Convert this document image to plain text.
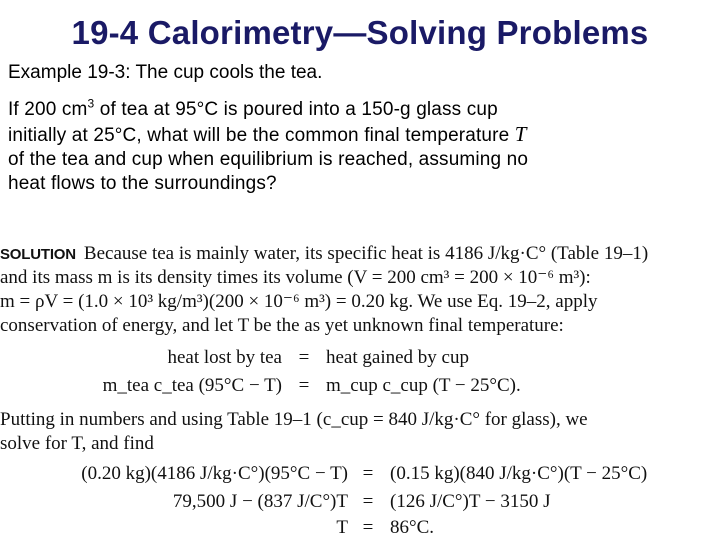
19-4 Calorimetry—Solving Problems
Example 19-3: The cup cools the tea.
If 200 $cm^3$ of tea at 95°C is poured into a 150-g glass cup
initially at 25°C, what will be the common final temperature T
of the tea and cup when equilibrium is reached, assuming no
heat flows to the surroundings?
SOLUTION Because tea is mainly water, its specific heat is 4186 J/kg·C° (Table 19–1)
and its mass m is its density times its volume (V = 200 cm³ = 200 × 10⁻⁶ m³):
m = ρV = (1.0 × 10³ kg/m³)(200 × 10⁻⁶ m³) = 0.20 kg. We use Eq. 19–2, apply
conservation of energy, and let T be the as yet unknown final temperature:
heat lost by tea = heat gained by cup
m_tea c_tea (95°C − T) = m_cup c_cup (T − 25°C).
Putting in numbers and using Table 19–1 (c_cup = 840 J/kg·C° for glass), we
solve for T, and find
(0.20 kg)(4186 J/kg·C°)(95°C − T) = (0.15 kg)(840 J/kg·C°)(T − 25°C)
79,500 J − (837 J/C°)T = (126 J/C°)T − 3150 J
T = 86°C.
